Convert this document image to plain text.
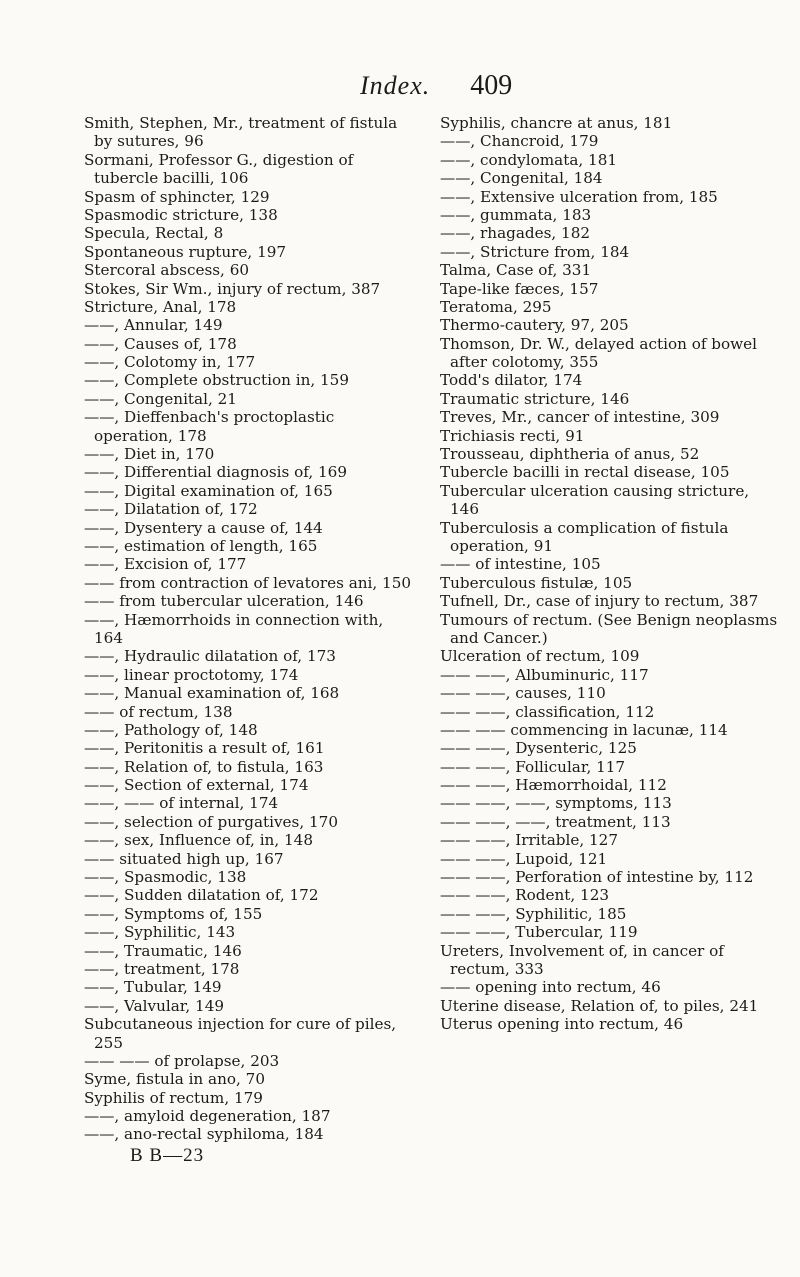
Index. 409

Smith, Stephen, Mr., treatment of fistula by sutures, 96

Sormani, Professor G., digestion of tubercle bacilli, 106

Spasm of sphincter, 129

Spasmodic stricture, 138

Specula, Rectal, 8

Spontaneous rupture, 197

Stercoral abscess, 60

Stokes, Sir Wm., injury of rectum, 387

Stricture, Anal, 178

——, Annular, 149

——, Causes of, 178

——, Colotomy in, 177

——, Complete obstruction in, 159

——, Congenital, 21

——, Dieffenbach's proctoplastic operation, 178

——, Diet in, 170

——, Differential diagnosis of, 169

——, Digital examination of, 165

——, Dilatation of, 172

——, Dysentery a cause of, 144

——, estimation of length, 165

——, Excision of, 177

—— from contraction of levatores ani, 150

—— from tubercular ulceration, 146

——, Hæmorrhoids in connection with, 164

——, Hydraulic dilatation of, 173

——, linear proctotomy, 174

——, Manual examination of, 168

—— of rectum, 138

——, Pathology of, 148

——, Peritonitis a result of, 161

——, Relation of, to fistula, 163

——, Section of external, 174

——, —— of internal, 174

——, selection of purgatives, 170

——, sex, Influence of, in, 148

—— situated high up, 167

——, Spasmodic, 138

——, Sudden dilatation of, 172

——, Symptoms of, 155

——, Syphilitic, 143

——, Traumatic, 146

——, treatment, 178

——, Tubular, 149

——, Valvular, 149

Subcutaneous injection for cure of piles, 255

—— —— of prolapse, 203

Syme, fistula in ano, 70

Syphilis of rectum, 179

——, amyloid degeneration, 187

——, ano-rectal syphiloma, 184

B B—23

Syphilis, chancre at anus, 181

——, Chancroid, 179

——, condylomata, 181

——, Congenital, 184

——, Extensive ulceration from, 185

——, gummata, 183

——, rhagades, 182

——, Stricture from, 184

Talma, Case of, 331

Tape-like fæces, 157

Teratoma, 295

Thermo-cautery, 97, 205

Thomson, Dr. W., delayed action of bowel after colotomy, 355

Todd's dilator, 174

Traumatic stricture, 146

Treves, Mr., cancer of intestine, 309

Trichiasis recti, 91

Trousseau, diphtheria of anus, 52

Tubercle bacilli in rectal disease, 105

Tubercular ulceration causing stricture, 146

Tuberculosis a complication of fistula operation, 91

—— of intestine, 105

Tuberculous fistulæ, 105

Tufnell, Dr., case of injury to rectum, 387

Tumours of rectum. (See Benign neoplasms and Cancer.)

Ulceration of rectum, 109

—— ——, Albuminuric, 117

—— ——, causes, 110

—— ——, classification, 112

—— —— commencing in lacunæ, 114

—— ——, Dysenteric, 125

—— ——, Follicular, 117

—— ——, Hæmorrhoidal, 112

—— ——, ——, symptoms, 113

—— ——, ——, treatment, 113

—— ——, Irritable, 127

—— ——, Lupoid, 121

—— ——, Perforation of intestine by, 112

—— ——, Rodent, 123

—— ——, Syphilitic, 185

—— ——, Tubercular, 119

Ureters, Involvement of, in cancer of rectum, 333

—— opening into rectum, 46

Uterine disease, Relation of, to piles, 241

Uterus opening into rectum, 46
